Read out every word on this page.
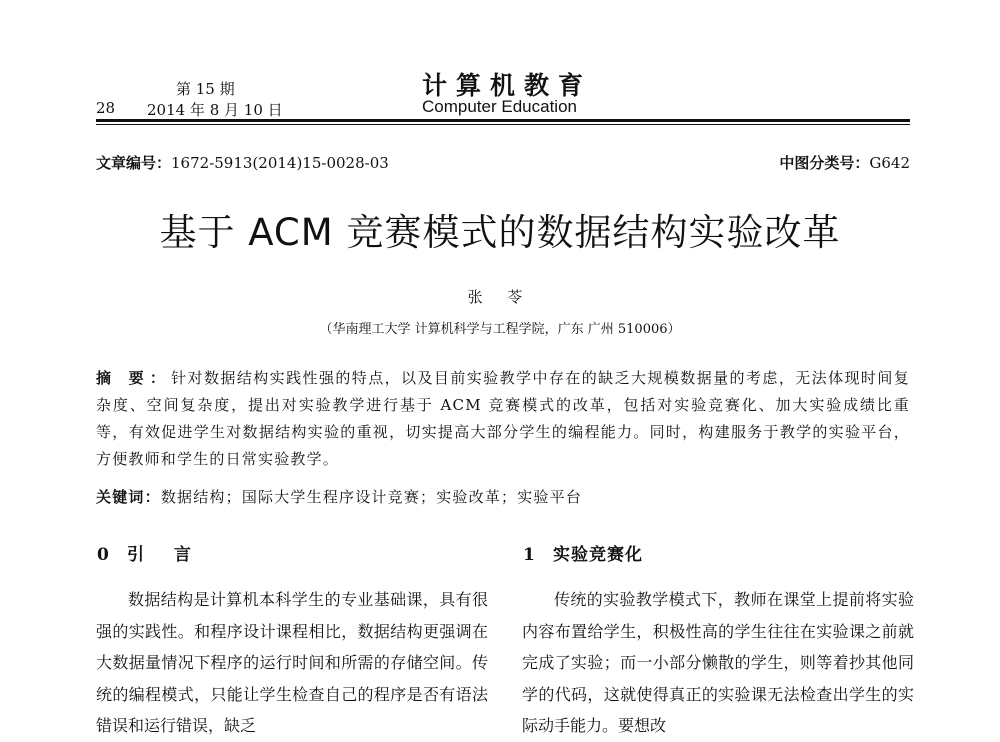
第 15 期
28 2014 年 8 月 10 日
计算机教育
Computer Education
文章编号：1672-5913(2014)15-0028-03	中图分类号：G642
基于 ACM 竞赛模式的数据结构实验改革
张 苓
（华南理工大学 计算机科学与工程学院，广东 广州 510006）
摘 要：针对数据结构实践性强的特点，以及目前实验教学中存在的缺乏大规模数据量的考虑，无法体现时间复杂度、空间复杂度，提出对实验教学进行基于 ACM 竞赛模式的改革，包括对实验竞赛化、加大实验成绩比重等，有效促进学生对数据结构实验的重视，切实提高大部分学生的编程能力。同时，构建服务于教学的实验平台，方便教师和学生的日常实验教学。
关键词：数据结构；国际大学生程序设计竞赛；实验改革；实验平台
0 引 言
数据结构是计算机本科学生的专业基础课，具有很强的实践性。和程序设计课程相比，数据结构更强调在大数据量情况下程序的运行时间和所需的存储空间。传统的编程模式，只能让学生检查自己的程序是否有语法错误和运行错误，缺乏
1 实验竞赛化
传统的实验教学模式下，教师在课堂上提前将实验内容布置给学生，积极性高的学生往往在实验课之前就完成了实验；而一小部分懒散的学生，则等着抄其他同学的代码，这就使得真正的实验课无法检查出学生的实际动手能力。要想改
